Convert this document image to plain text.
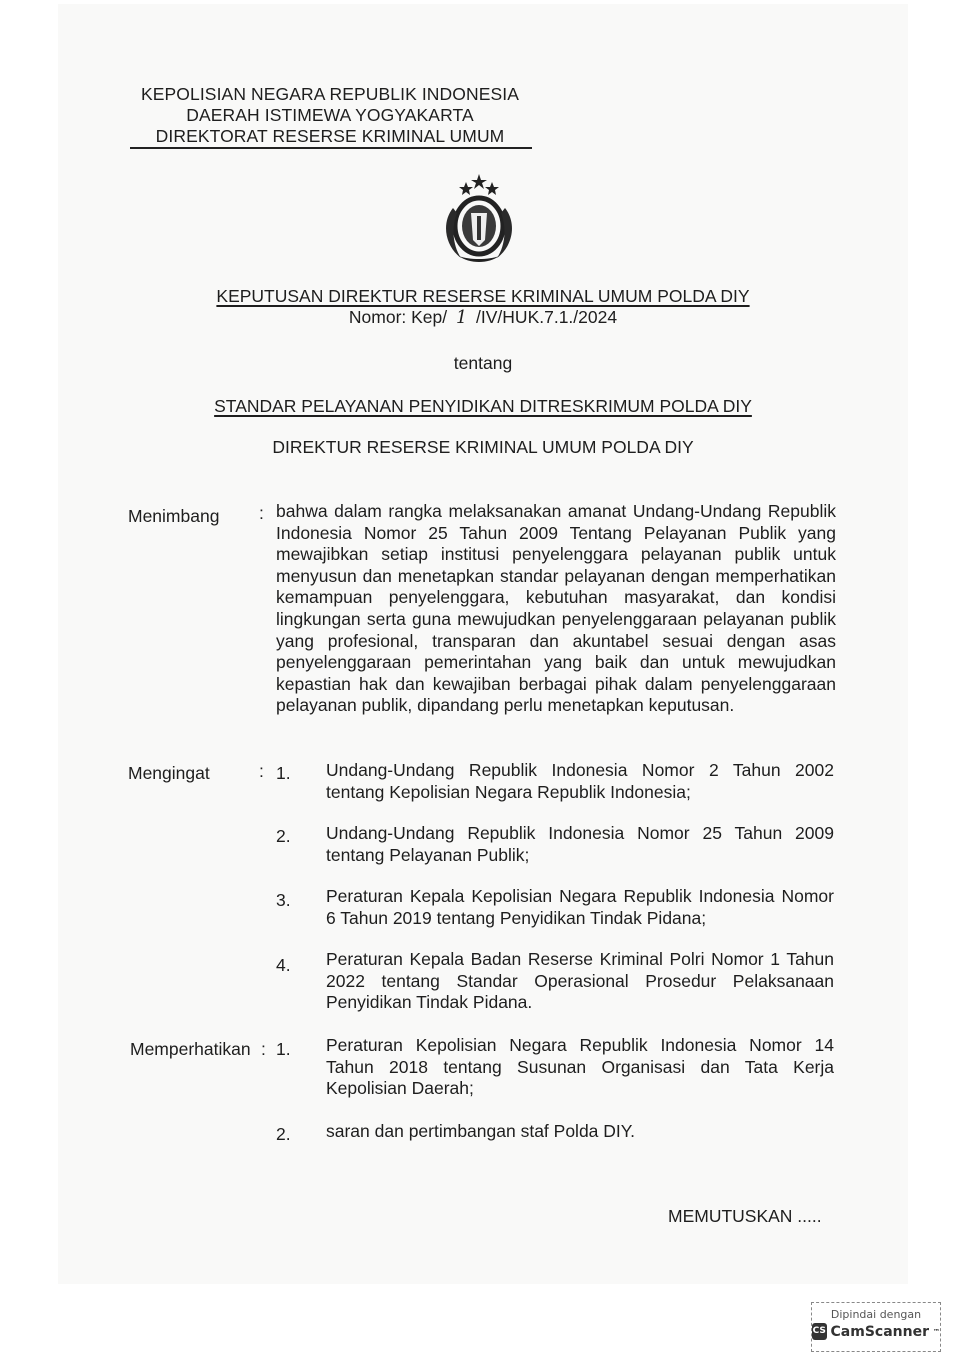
KEPOLISIAN NEGARA REPUBLIK INDONESIA
DAERAH ISTIMEWA YOGYAKARTA
DIREKTORAT RESERSE KRIMINAL UMUM
KEPUTUSAN DIREKTUR RESERSE KRIMINAL UMUM POLDA DIY
Nomor: Kep/ 1 /IV/HUK.7.1./2024
tentang
STANDAR PELAYANAN PENYIDIKAN DITRESKRIMUM POLDA DIY
DIREKTUR RESERSE KRIMINAL UMUM POLDA DIY
Menimbang : bahwa dalam rangka melaksanakan amanat Undang-Undang Republik Indonesia Nomor 25 Tahun 2009 Tentang Pelayanan Publik yang mewajibkan setiap institusi penyelenggara pelayanan publik untuk menyusun dan menetapkan standar pelayanan dengan memperhatikan kemampuan penyelenggara, kebutuhan masyarakat, dan kondisi lingkungan serta guna mewujudkan penyelenggaraan pelayanan publik yang profesional, transparan dan akuntabel sesuai dengan asas penyelenggaraan pemerintahan yang baik dan untuk mewujudkan kepastian hak dan kewajiban berbagai pihak dalam penyelenggaraan pelayanan publik, dipandang perlu menetapkan keputusan.

Mengingat	: 1. Undang-Undang Republik Indonesia Nomor 2 Tahun 2002 tentang Kepolisian Negara Republik Indonesia;

2. Undang-Undang Republik Indonesia Nomor 25 Tahun 2009 tentang Pelayanan Publik;

3. Peraturan Kepala Kepolisian Negara Republik Indonesia Nomor 6 Tahun 2019 tentang Penyidikan Tindak Pidana;

4. Peraturan Kepala Badan Reserse Kriminal Polri Nomor 1 Tahun 2022 tentang Standar Operasional Prosedur Pelaksanaan Penyidikan Tindak Pidana.

Memperhatikan : 1. Peraturan Kepolisian Negara Republik Indonesia Nomor 14 Tahun 2018 tentang Susunan Organisasi dan Tata Kerja Kepolisian Daerah;

2. saran dan pertimbangan staf Polda DIY.

MEMUTUSKAN .....
Dipindai dengan
CS CamScanner ™
